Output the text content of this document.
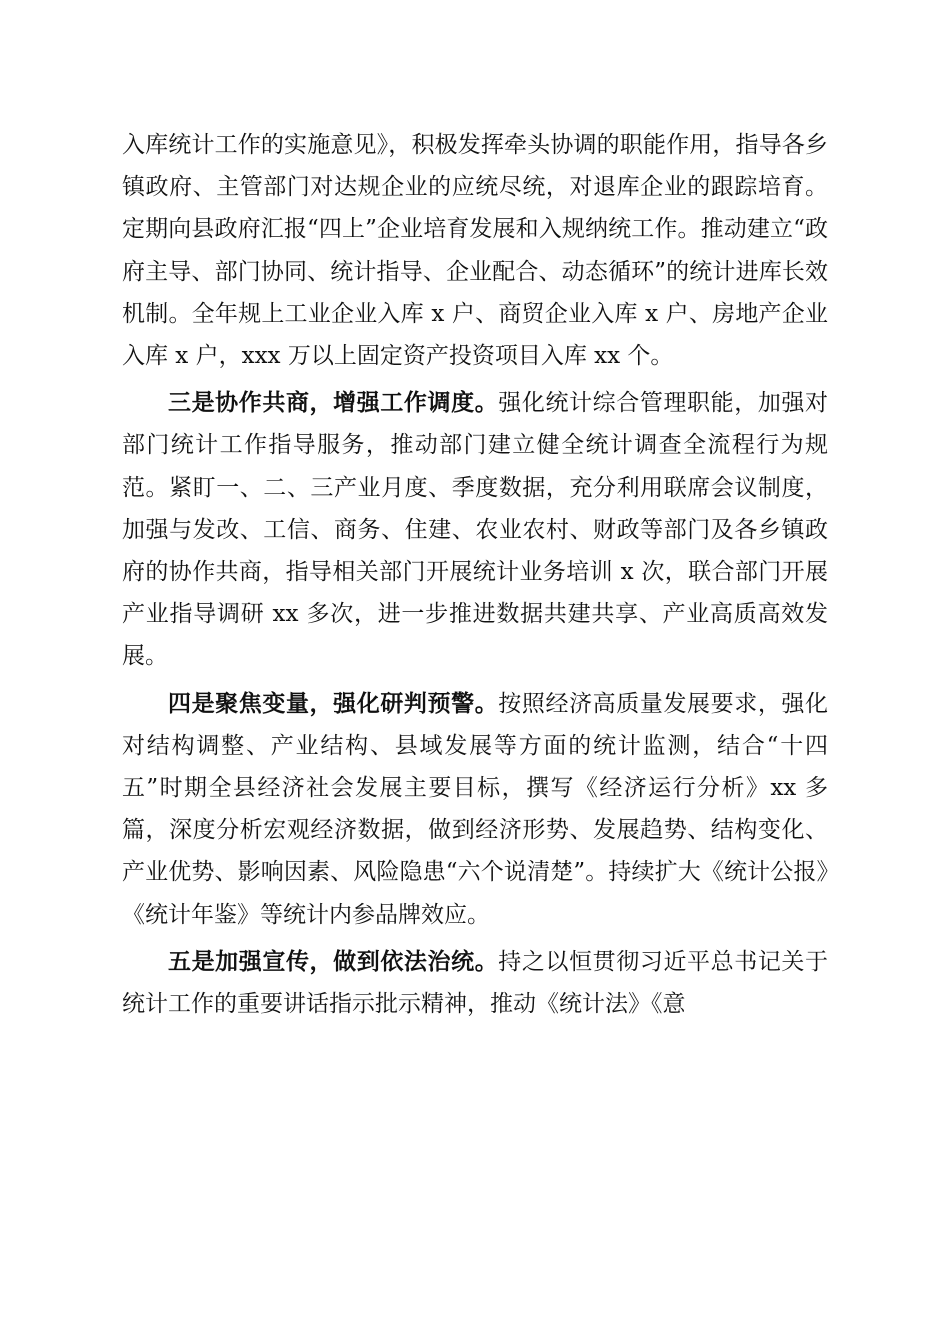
入库统计工作的实施意见》，积极发挥牵头协调的职能作用，指导各乡镇政府、主管部门对达规企业的应统尽统，对退库企业的跟踪培育。定期向县政府汇报“四上”企业培育发展和入规纳统工作。推动建立“政府主导、部门协同、统计指导、企业配合、动态循环”的统计进库长效机制。全年规上工业企业入库 x 户、商贸企业入库 x 户、房地产企业入库 x 户，xxx 万以上固定资产投资项目入库 xx 个。

三是协作共商，增强工作调度。强化统计综合管理职能，加强对部门统计工作指导服务，推动部门建立健全统计调查全流程行为规范。紧盯一、二、三产业月度、季度数据，充分利用联席会议制度，加强与发改、工信、商务、住建、农业农村、财政等部门及各乡镇政府的协作共商，指导相关部门开展统计业务培训 x 次，联合部门开展产业指导调研 xx 多次，进一步推进数据共建共享、产业高质高效发展。

四是聚焦变量，强化研判预警。按照经济高质量发展要求，强化对结构调整、产业结构、县域发展等方面的统计监测，结合“十四五”时期全县经济社会发展主要目标，撰写《经济运行分析》xx 多篇，深度分析宏观经济数据，做到经济形势、发展趋势、结构变化、产业优势、影响因素、风险隐患“六个说清楚”。持续扩大《统计公报》《统计年鉴》等统计内参品牌效应。

五是加强宣传，做到依法治统。持之以恒贯彻习近平总书记关于统计工作的重要讲话指示批示精神，推动《统计法》《意
